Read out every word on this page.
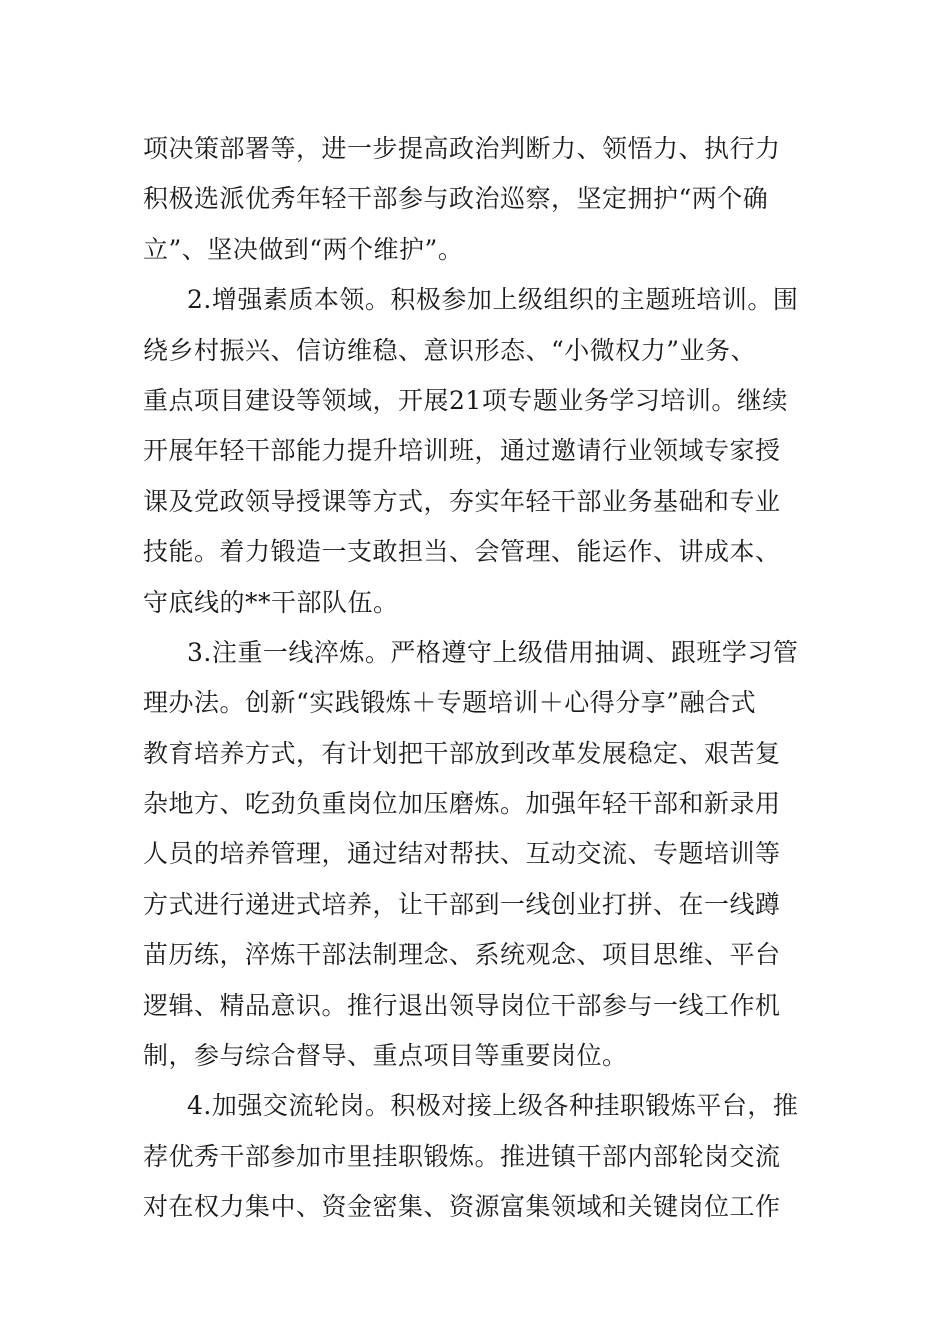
项决策部署等，进一步提高政治判断力、领悟力、执行力
积极选派优秀年轻干部参与政治巡察，坚定拥护“两个确
立”、坚决做到“两个维护”。
2.增强素质本领。积极参加上级组织的主题班培训。围
绕乡村振兴、信访维稳、意识形态、“小微权力”业务、
重点项目建设等领域，开展21项专题业务学习培训。继续
开展年轻干部能力提升培训班，通过邀请行业领域专家授
课及党政领导授课等方式，夯实年轻干部业务基础和专业
技能。着力锻造一支敢担当、会管理、能运作、讲成本、
守底线的**干部队伍。
3.注重一线淬炼。严格遵守上级借用抽调、跟班学习管
理办法。创新“实践锻炼＋专题培训＋心得分享”融合式
教育培养方式，有计划把干部放到改革发展稳定、艰苦复
杂地方、吃劲负重岗位加压磨炼。加强年轻干部和新录用
人员的培养管理，通过结对帮扶、互动交流、专题培训等
方式进行递进式培养，让干部到一线创业打拼、在一线蹲
苗历练，淬炼干部法制理念、系统观念、项目思维、平台
逻辑、精品意识。推行退出领导岗位干部参与一线工作机
制，参与综合督导、重点项目等重要岗位。
4.加强交流轮岗。积极对接上级各种挂职锻炼平台，推
荐优秀干部参加市里挂职锻炼。推进镇干部内部轮岗交流
对在权力集中、资金密集、资源富集领域和关键岗位工作
